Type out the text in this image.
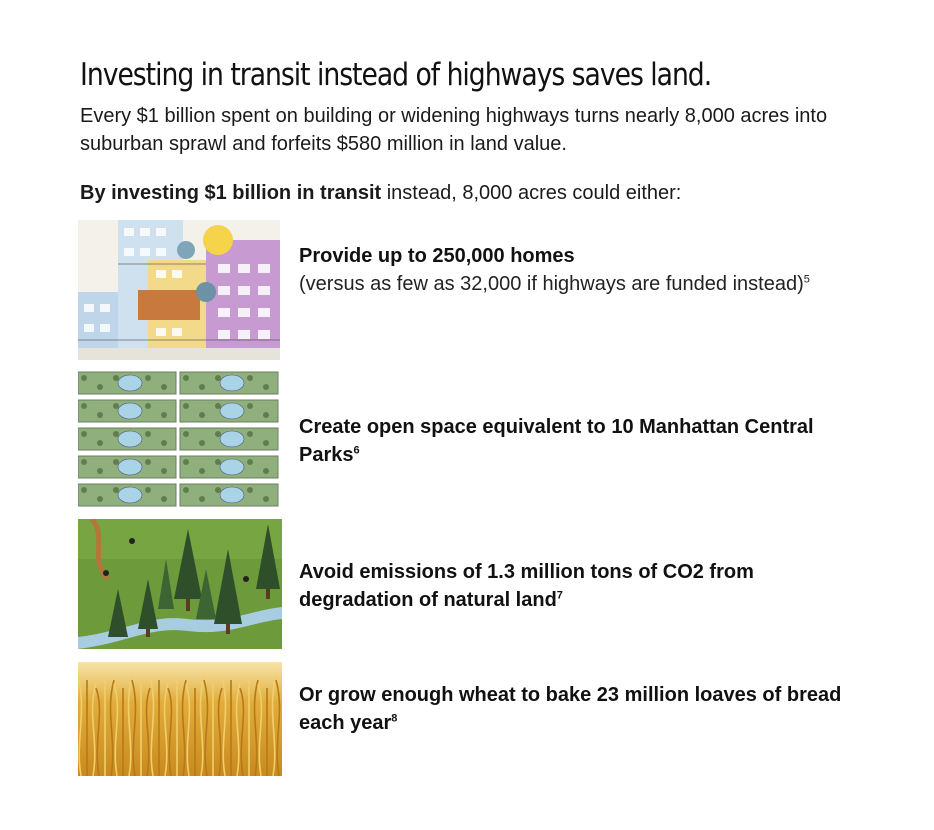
Investing in transit instead of highways saves land.

Every $1 billion spent on building or widening highways turns nearly 8,000 acres into suburban sprawl and forfeits $580 million in land value.

By investing $1 billion in transit instead, 8,000 acres could either:

Provide up to 250,000 homes
(versus as few as 32,000 if highways are funded instead)$^5$
Create open space equivalent to 10 Manhattan Central Parks$^6$
Avoid emissions of 1.3 million tons of CO2 from degradation of natural land$^7$
Or grow enough wheat to bake 23 million loaves of bread each year$^8$
